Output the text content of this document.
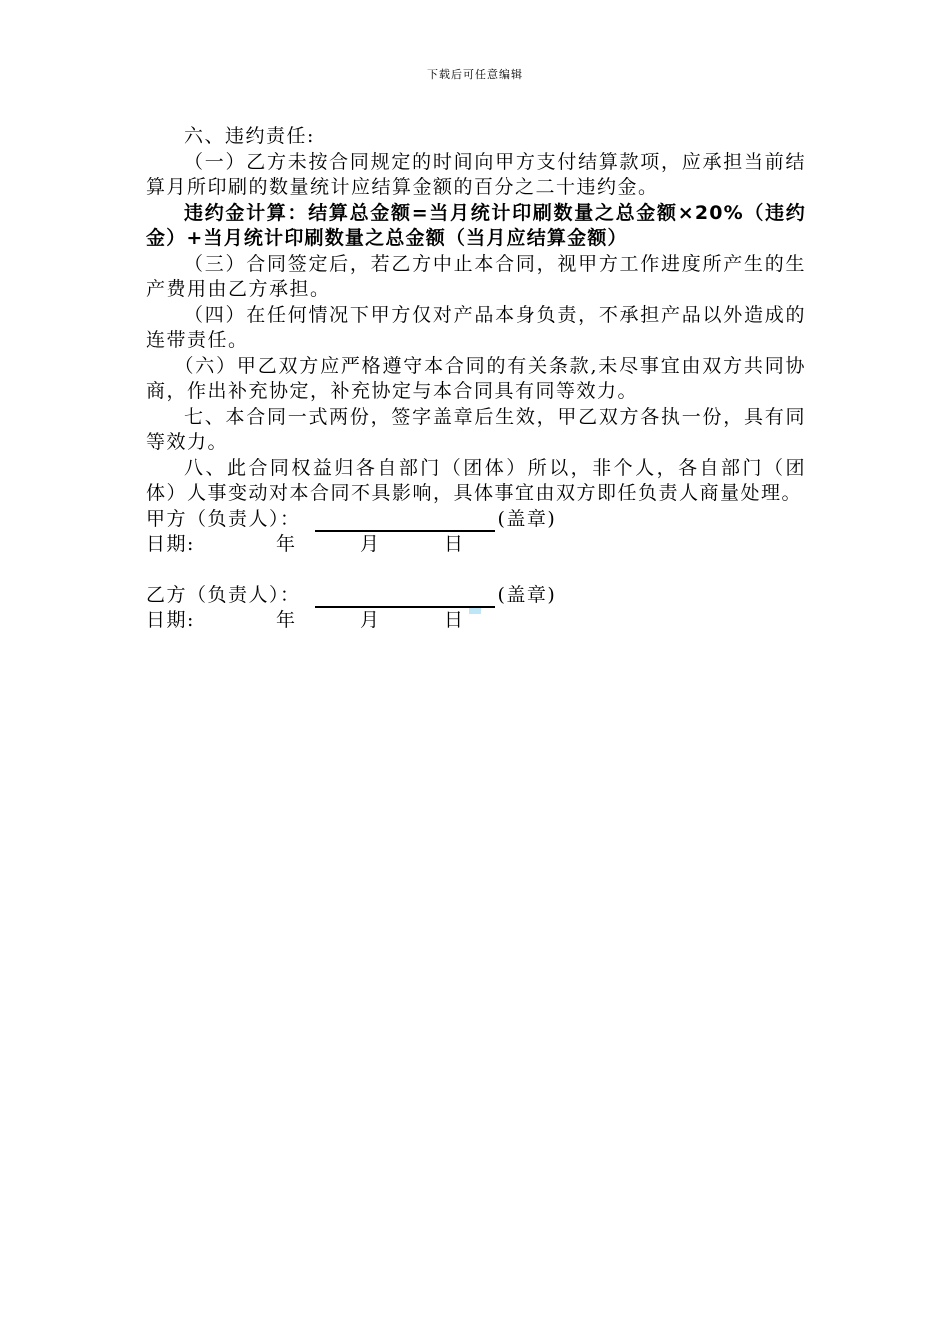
下载后可任意编辑

六、违约责任:

（一）乙方未按合同规定的时间向甲方支付结算款项，应承担当前结算月所印刷的数量统计应结算金额的百分之二十违约金。

违约金计算：结算总金额=当月统计印刷数量之总金额×20%（违约金）+当月统计印刷数量之总金额（当月应结算金额）

（三）合同签定后，若乙方中止本合同，视甲方工作进度所产生的生产费用由乙方承担。

（四）在任何情况下甲方仅对产品本身负责，不承担产品以外造成的连带责任。

（六）甲乙双方应严格遵守本合同的有关条款,未尽事宜由双方共同协商，作出补充协定，补充协定与本合同具有同等效力。

七、本合同一式两份，签字盖章后生效，甲乙双方各执一份，具有同等效力。

八、此合同权益归各自部门（团体）所以，非个人，各自部门（团体）人事变动对本合同不具影响，具体事宜由双方即任负责人商量处理。

甲方（负责人）：	(盖章)
日期:	年	月	日
乙方（负责人）：	(盖章)
日期:	年	月	日
